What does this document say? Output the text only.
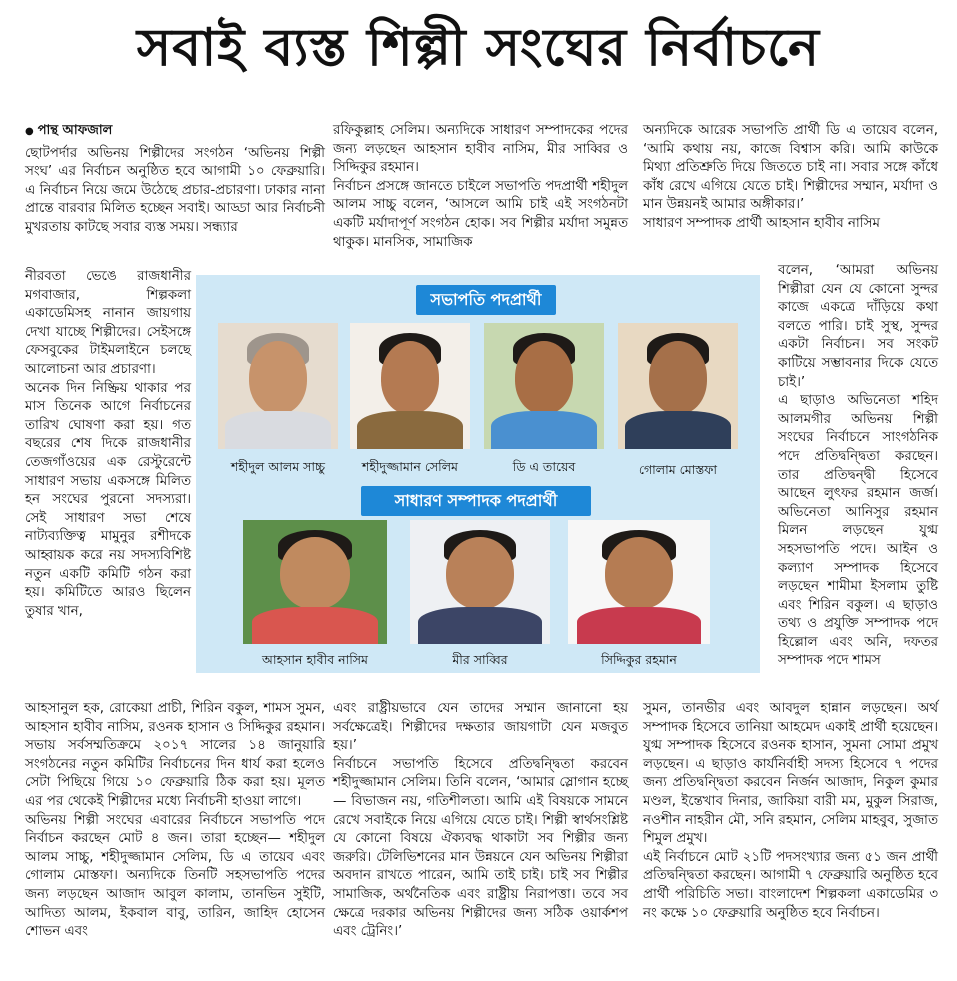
সবাই ব্যস্ত শিল্পী সংঘের নির্বাচনে
● পান্থ আফজাল

ছোটপর্দার অভিনয় শিল্পীদের সংগঠন ‘অভিনয় শিল্পী সংঘ’ এর নির্বাচন অনুষ্ঠিত হবে আগামী ১০ ফেব্রুয়ারি। এ নির্বাচন নিয়ে জমে উঠেছে প্রচার-প্রচারণা। ঢাকার নানা প্রান্তে বারবার মিলিত হচ্ছেন সবাই। আড্ডা আর নির্বাচনী মুখরতায় কাটছে সবার ব্যস্ত সময়। সন্ধ্যার

নীরবতা ভেঙে রাজধানীর মগবাজার, শিল্পকলা একাডেমিসহ নানান জায়গায় দেখা যাচ্ছে শিল্পীদের। সেইসঙ্গে ফেসবুকের টাইমলাইনে চলছে আলোচনা আর প্রচারণা।

অনেক দিন নিষ্ক্রিয় থাকার পর মাস তিনেক আগে নির্বাচনের তারিখ ঘোষণা করা হয়। গত বছরের শেষ দিকে রাজধানীর তেজগাঁওয়ের এক রেস্টুরেন্টে সাধারণ সভায় একসঙ্গে মিলিত হন সংঘের পুরনো সদস্যরা। সেই সাধারণ সভা শেষে নাট্যব্যক্তিত্ব মামুনুর রশীদকে আহ্বায়ক করে নয় সদস্যবিশিষ্ট নতুন একটি কমিটি গঠন করা হয়। কমিটিতে আরও ছিলেন তুষার খান,

আহসানুল হক, রোকেয়া প্রাচী, শিরিন বকুল, শামস সুমন, আহসান হাবীব নাসিম, রওনক হাসান ও সিদ্দিকুর রহমান। সভায় সর্বসম্মতিক্রমে ২০১৭ সালের ১৪ জানুয়ারি সংগঠনের নতুন কমিটির নির্বাচনের দিন ধার্য করা হলেও সেটা পিছিয়ে গিয়ে ১০ ফেব্রুয়ারি ঠিক করা হয়। মূলত এর পর থেকেই শিল্পীদের মধ্যে নির্বাচনী হাওয়া লাগে।

অভিনয় শিল্পী সংঘের এবারের নির্বাচনে সভাপতি পদে নির্বাচন করছেন মোট ৪ জন। তারা হচ্ছেন— শহীদুল আলম সাচ্চু, শহীদুজ্জামান সেলিম, ডি এ তায়েব এবং গোলাম মোস্তফা। অন্যদিকে তিনটি সহসভাপতি পদের জন্য লড়ছেন আজাদ আবুল কালাম, তানভিন সুইটি, আদিত্য আলম, ইকবাল বাবু, তারিন, জাহিদ হোসেন শোভন এবং

রফিকুল্লাহ সেলিম। অন্যদিকে সাধারণ সম্পাদকের পদের জন্য লড়ছেন আহসান হাবীব নাসিম, মীর সাব্বির ও সিদ্দিকুর রহমান।

নির্বাচন প্রসঙ্গে জানতে চাইলে সভাপতি পদপ্রার্থী শহীদুল আলম সাচ্চু বলেন, ‘আসলে আমি চাই এই সংগঠনটা একটি মর্যাদাপূর্ণ সংগঠন হোক। সব শিল্পীর মর্যাদা সমুন্নত থাকুক। মানসিক, সামাজিক

এবং রাষ্ট্রীয়ভাবে যেন তাদের সম্মান জানানো হয় সর্বক্ষেত্রেই। শিল্পীদের দক্ষতার জায়গাটা যেন মজবুত হয়।’

নির্বাচনে সভাপতি হিসেবে প্রতিদ্বন্দ্বিতা করবেন শহীদুজ্জামান সেলিম। তিনি বলেন, ‘আমার স্লোগান হচ্ছে— বিভাজন নয়, গতিশীলতা। আমি এই বিষয়কে সামনে রেখে সবাইকে নিয়ে এগিয়ে যেতে চাই। শিল্পী স্বার্থসংশ্লিষ্ট যে কোনো বিষয়ে ঐক্যবদ্ধ থাকাটা সব শিল্পীর জন্য জরুরি। টেলিভিশনের মান উন্নয়নে যেন অভিনয় শিল্পীরা অবদান রাখতে পারেন, আমি তাই চাই। চাই সব শিল্পীর সামাজিক, অর্থনৈতিক এবং রাষ্ট্রীয় নিরাপত্তা। তবে সব ক্ষেত্রে দরকার অভিনয় শিল্পীদের জন্য সঠিক ওয়ার্কশপ এবং ট্রেনিং।’

অন্যদিকে আরেক সভাপতি প্রার্থী ডি এ তায়েব বলেন, ‘আমি কথায় নয়, কাজে বিশ্বাস করি। আমি কাউকে মিথ্যা প্রতিশ্রুতি দিয়ে জিততে চাই না। সবার সঙ্গে কাঁধে কাঁধ রেখে এগিয়ে যেতে চাই। শিল্পীদের সম্মান, মর্যাদা ও মান উন্নয়নই আমার অঙ্গীকার।’

সাধারণ সম্পাদক প্রার্থী আহসান হাবীব নাসিম

বলেন, ‘আমরা অভিনয় শিল্পীরা যেন যে কোনো সুন্দর কাজে একত্রে দাঁড়িয়ে কথা বলতে পারি। চাই সুস্থ, সুন্দর একটা নির্বাচন। সব সংকট কাটিয়ে সম্ভাবনার দিকে যেতে চাই।’

এ ছাড়াও অভিনেতা শহিদ আলমগীর অভিনয় শিল্পী সংঘের নির্বাচনে সাংগঠনিক পদে প্রতিদ্বন্দ্বিতা করছেন। তার প্রতিদ্বন্দ্বী হিসেবে আছেন লুৎফর রহমান জর্জ। অভিনেতা আনিসুর রহমান মিলন লড়ছেন যুগ্ম সহসভাপতি পদে। আইন ও কল্যাণ সম্পাদক হিসেবে লড়ছেন শামীমা ইসলাম তুষ্টি এবং শিরিন বকুল। এ ছাড়াও তথ্য ও প্রযুক্তি সম্পাদক পদে হিল্লোল এবং অনি, দফতর সম্পাদক পদে শামস

সুমন, তানভীর এবং আবদুল হান্নান লড়ছেন। অর্থ সম্পাদক হিসেবে তানিয়া আহমেদ একাই প্রার্থী হয়েছেন। যুগ্ম সম্পাদক হিসেবে রওনক হাসান, সুমনা সোমা প্রমুখ লড়ছেন। এ ছাড়াও কার্যনির্বাহী সদস্য হিসেবে ৭ পদের জন্য প্রতিদ্বন্দ্বিতা করবেন নির্জন আজাদ, নিকুল কুমার মণ্ডল, ইন্তেখাব দিনার, জাকিয়া বারী মম, মুকুল সিরাজ, নওশীন নাহরীন মৌ, সনি রহমান, সেলিম মাহবুব, সুজাত শিমুল প্রমুখ।

এই নির্বাচনে মোট ২১টি পদসংখ্যার জন্য ৫১ জন প্রার্থী প্রতিদ্বন্দ্বিতা করছেন। আগামী ৭ ফেব্রুয়ারি অনুষ্ঠিত হবে প্রার্থী পরিচিতি সভা। বাংলাদেশ শিল্পকলা একাডেমির ৩ নং কক্ষে ১০ ফেব্রুয়ারি অনুষ্ঠিত হবে নির্বাচন।

সভাপতি পদপ্রার্থী
শহীদুল আলম সাচ্চু	শহীদুজ্জামান সেলিম	ডি এ তায়েব	গোলাম মোস্তফা
সাধারণ সম্পাদক পদপ্রার্থী
আহসান হাবীব নাসিম	মীর সাব্বির	সিদ্দিকুর রহমান
